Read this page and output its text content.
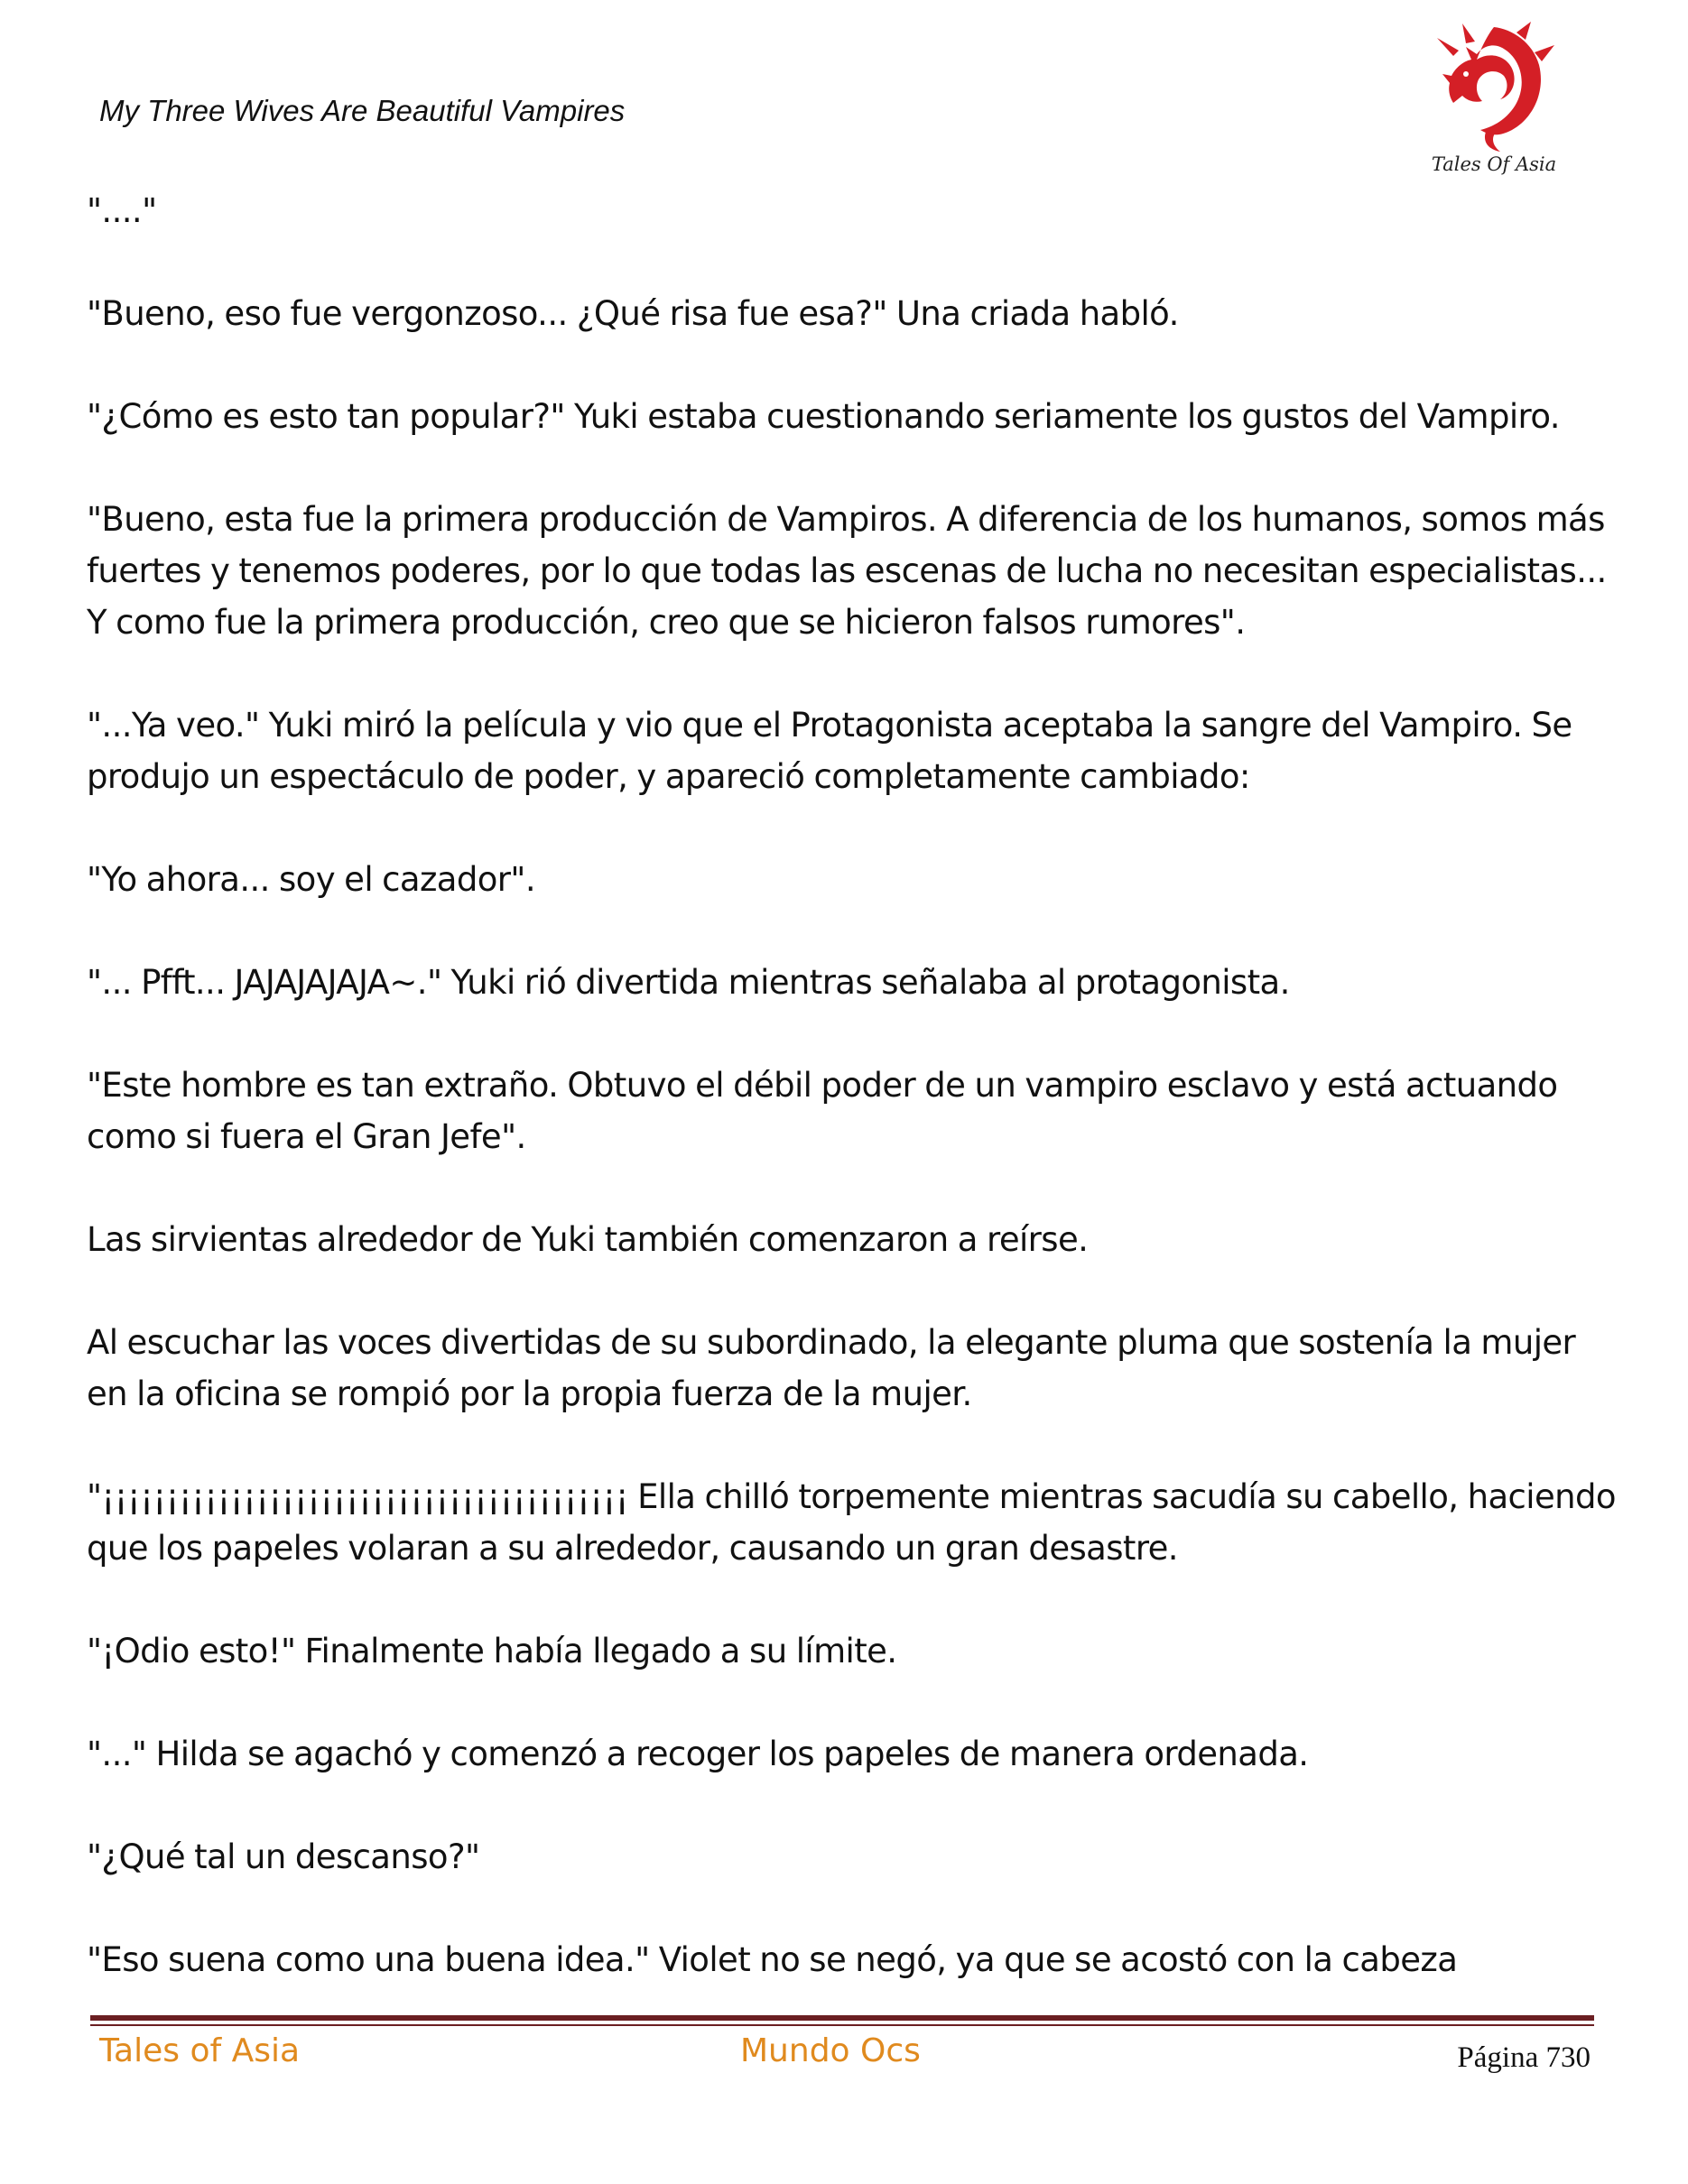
My Three Wives Are Beautiful Vampires
Tales Of Asia

"...."

"Bueno, eso fue vergonzoso... ¿Qué risa fue esa?" Una criada habló.

"¿Cómo es esto tan popular?" Yuki estaba cuestionando seriamente los gustos del Vampiro.

"Bueno, esta fue la primera producción de Vampiros. A diferencia de los humanos, somos más fuertes y tenemos poderes, por lo que todas las escenas de lucha no necesitan especialistas... Y como fue la primera producción, creo que se hicieron falsos rumores".

"...Ya veo." Yuki miró la película y vio que el Protagonista aceptaba la sangre del Vampiro. Se produjo un espectáculo de poder, y apareció completamente cambiado:

"Yo ahora... soy el cazador".

"... Pfft... JAJAJAJAJA~." Yuki rió divertida mientras señalaba al protagonista.

"Este hombre es tan extraño. Obtuvo el débil poder de un vampiro esclavo y está actuando como si fuera el Gran Jefe".

Las sirvientas alrededor de Yuki también comenzaron a reírse.

Al escuchar las voces divertidas de su subordinado, la elegante pluma que sostenía la mujer en la oficina se rompió por la propia fuerza de la mujer.

"¡¡¡¡¡¡¡¡¡¡¡¡¡¡¡¡¡¡¡¡¡¡¡¡¡¡¡¡¡¡¡¡¡¡¡¡¡¡¡¡¡ Ella chilló torpemente mientras sacudía su cabello, haciendo que los papeles volaran a su alrededor, causando un gran desastre.

"¡Odio esto!" Finalmente había llegado a su límite.

"..." Hilda se agachó y comenzó a recoger los papeles de manera ordenada.

"¿Qué tal un descanso?"

"Eso suena como una buena idea." Violet no se negó, ya que se acostó con la cabeza

Tales of Asia	Mundo Ocs	Página 730
